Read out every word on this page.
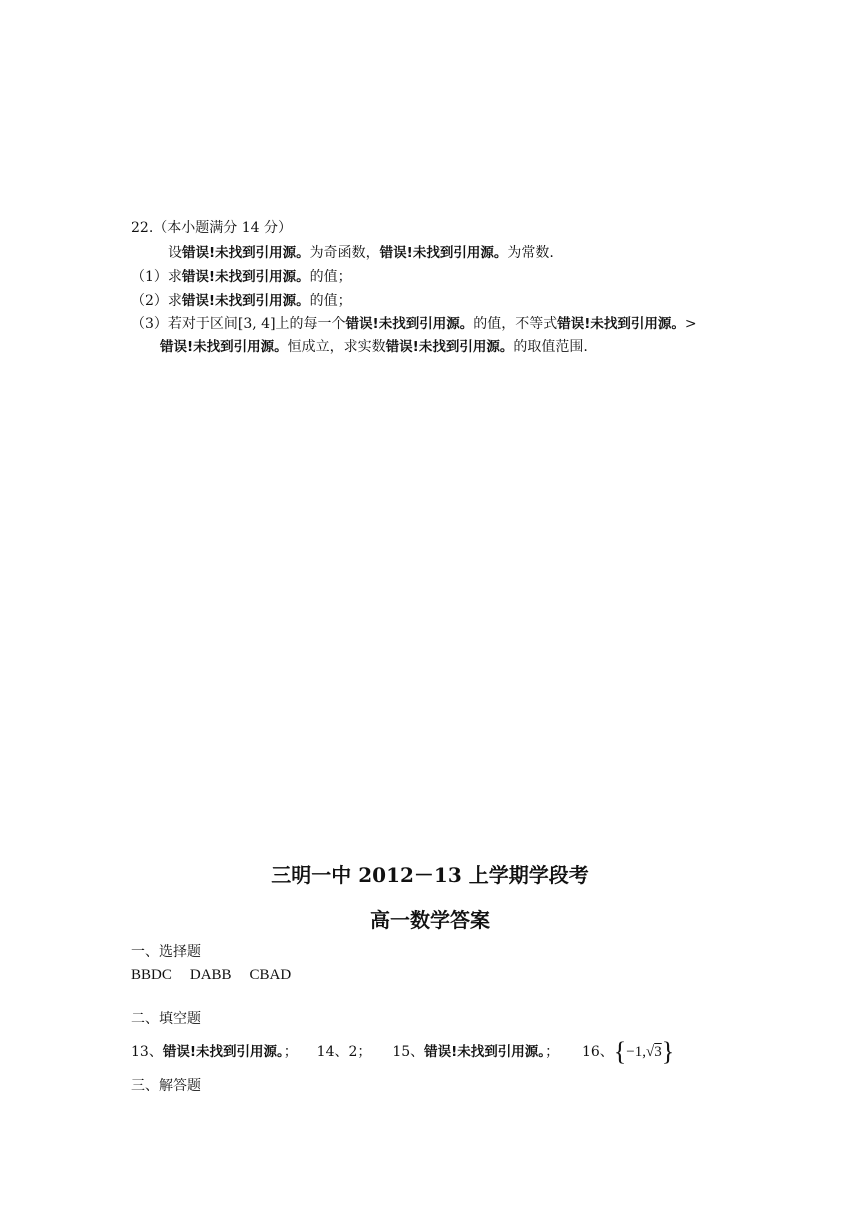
22.（本小题满分 14 分）
设错误!未找到引用源。为奇函数，错误!未找到引用源。为常数.
（1）求错误!未找到引用源。的值；
（2）求错误!未找到引用源。的值；
（3）若对于区间[3, 4]上的每一个错误!未找到引用源。的值，不等式错误!未找到引用源。>
错误!未找到引用源。恒成立，求实数错误!未找到引用源。的取值范围.
三明一中 2012－13 上学期学段考
高一数学答案
一、选择题
BBDC DABB CBAD
二、填空题
13、错误!未找到引用源。； 14、2； 15、错误!未找到引用源。； 16、{−1,√3}
三、解答题
